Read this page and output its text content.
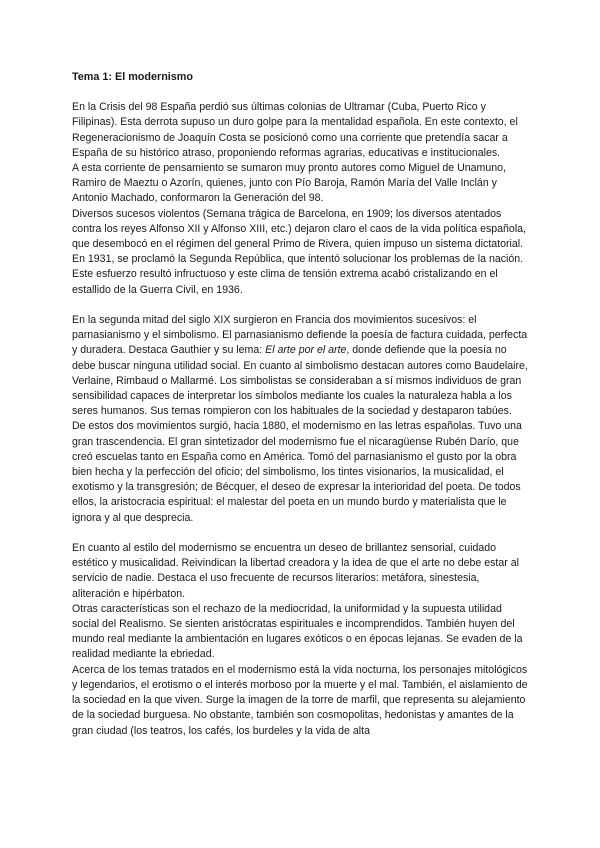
Tema 1: El modernismo

En la Crisis del 98 España perdió sus últimas colonias de Ultramar (Cuba, Puerto Rico y Filipinas). Esta derrota supuso un duro golpe para la mentalidad española. En este contexto, el Regeneracionismo de Joaquín Costa se posicionó como una corriente que pretendía sacar a España de su histórico atraso, proponiendo reformas agrarias, educativas e institucionales.

A esta corriente de pensamiento se sumaron muy pronto autores como Miguel de Unamuno, Ramiro de Maeztu o Azorín, quienes, junto con Pío Baroja, Ramón María del Valle Inclán y Antonio Machado, conformaron la Generación del 98.

Diversos sucesos violentos (Semana trágica de Barcelona, en 1909; los diversos atentados contra los reyes Alfonso XII y Alfonso XIII, etc.) dejaron claro el caos de la vida política española, que desembocó en el régimen del general Primo de Rivera, quien impuso un sistema dictatorial.

En 1931, se proclamó la Segunda República, que intentó solucionar los problemas de la nación. Este esfuerzo resultó infructuoso y este clima de tensión extrema acabó cristalizando en el estallido de la Guerra Civil, en 1936.

En la segunda mitad del siglo XIX surgieron en Francia dos movimientos sucesivos: el parnasianismo y el simbolismo. El parnasianismo defiende la poesía de factura cuidada, perfecta y duradera. Destaca Gauthier y su lema: El arte por el arte, donde defiende que la poesía no debe buscar ninguna utilidad social. En cuanto al simbolismo destacan autores como Baudelaire, Verlaine, Rimbaud o Mallarmé. Los simbolistas se consideraban a sí mismos individuos de gran sensibilidad capaces de interpretar los símbolos mediante los cuales la naturaleza habla a los seres humanos. Sus temas rompieron con los habituales de la sociedad y destaparon tabúes.

De estos dos movimientos surgió, hacia 1880, el modernismo en las letras españolas. Tuvo una gran trascendencia. El gran sintetizador del modernismo fue el nicaragüense Rubén Darío, que creó escuelas tanto en España como en América. Tomó del parnasianismo el gusto por la obra bien hecha y la perfección del oficio; del simbolismo, los tintes visionarios, la musicalidad, el exotismo y la transgresión; de Bécquer, el deseo de expresar la interioridad del poeta. De todos ellos, la aristocracia espiritual: el malestar del poeta en un mundo burdo y materialista que le ignora y al que desprecia.

En cuanto al estilo del modernismo se encuentra un deseo de brillantez sensorial, cuidado estético y musicalidad. Reivindican la libertad creadora y la idea de que el arte no debe estar al servicio de nadie. Destaca el uso frecuente de recursos literarios: metáfora, sinestesia, aliteración e hipérbaton.

Otras características son el rechazo de la mediocridad, la uniformidad y la supuesta utilidad social del Realismo. Se sienten aristócratas espirituales e incomprendidos. También huyen del mundo real mediante la ambientación en lugares exóticos o en épocas lejanas. Se evaden de la realidad mediante la ebriedad.

Acerca de los temas tratados en el modernismo está la vida nocturna, los personajes mitológicos y legendarios, el erotismo o el interés morboso por la muerte y el mal. También, el aislamiento de la sociedad en la que viven. Surge la imagen de la torre de marfil, que representa su alejamiento de la sociedad burguesa. No obstante, también son cosmopolitas, hedonistas y amantes de la gran ciudad (los teatros, los cafés, los burdeles y la vida de alta
